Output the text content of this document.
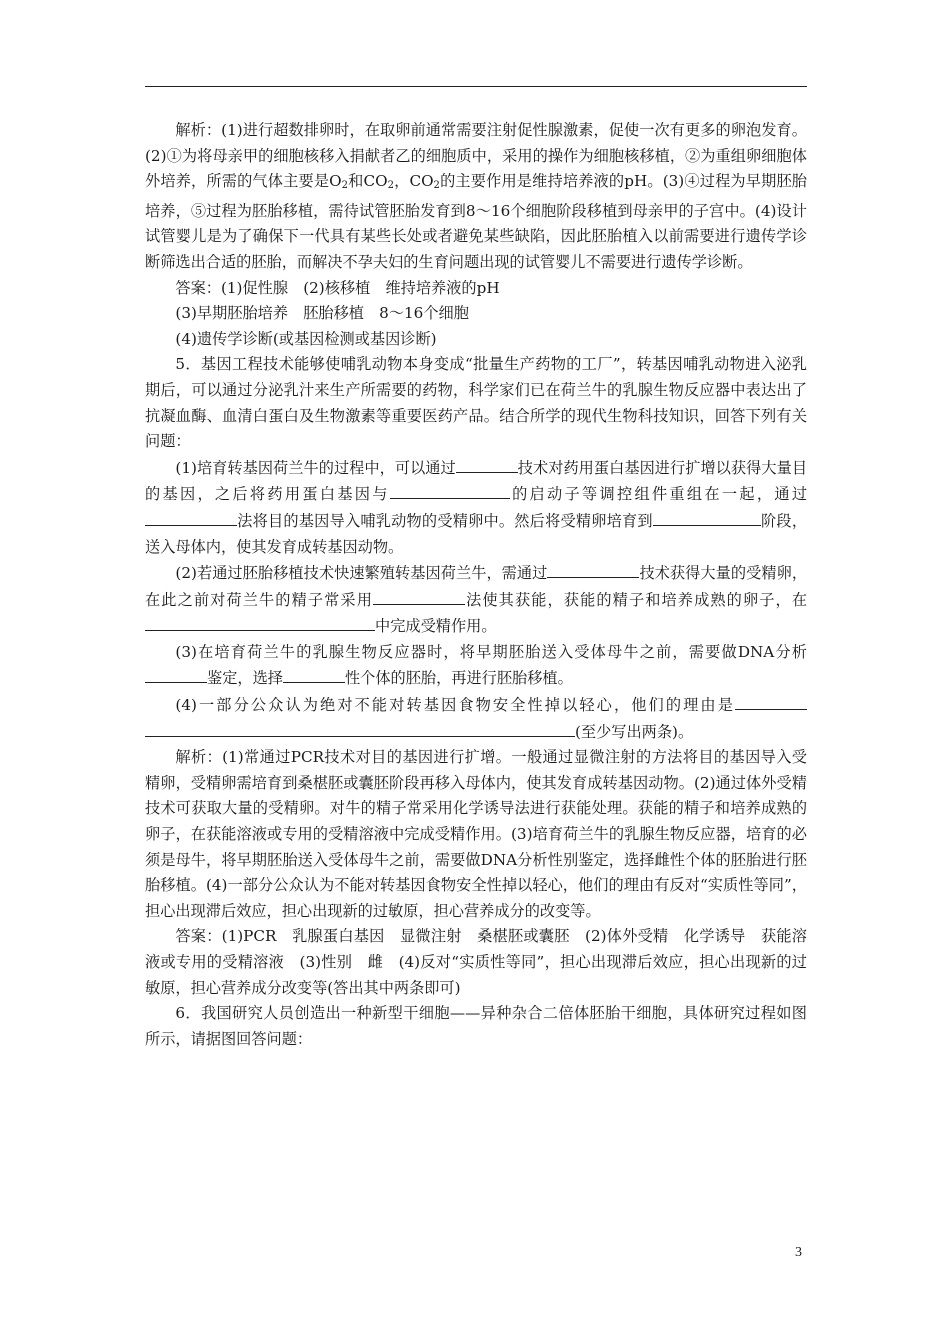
解析：(1)进行超数排卵时，在取卵前通常需要注射促性腺激素，促使一次有更多的卵泡发育。(2)①为将母亲甲的细胞核移入捐献者乙的细胞质中，采用的操作为细胞核移植，②为重组卵细胞体外培养，所需的气体主要是O2和CO2，CO2的主要作用是维持培养液的pH。(3)④过程为早期胚胎培养，⑤过程为胚胎移植，需待试管胚胎发育到8～16个细胞阶段移植到母亲甲的子宫中。(4)设计试管婴儿是为了确保下一代具有某些长处或者避免某些缺陷，因此胚胎植入以前需要进行遗传学诊断筛选出合适的胚胎，而解决不孕夫妇的生育问题出现的试管婴儿不需要进行遗传学诊断。

答案：(1)促性腺　(2)核移植　维持培养液的pH

(3)早期胚胎培养　胚胎移植　8～16个细胞

(4)遗传学诊断(或基因检测或基因诊断)

5．基因工程技术能够使哺乳动物本身变成“批量生产药物的工厂”，转基因哺乳动物进入泌乳期后，可以通过分泌乳汁来生产所需要的药物，科学家们已在荷兰牛的乳腺生物反应器中表达出了抗凝血酶、血清白蛋白及生物激素等重要医药产品。结合所学的现代生物科技知识，回答下列有关问题：

(1)培育转基因荷兰牛的过程中，可以通过	技术对药用蛋白基因进行扩增以获得大量目的基因，之后将药用蛋白基因与	的启动子等调控组件重组在一起，通过法将目的基因导入哺乳动物的受精卵中。然后将受精卵培育到	阶段，送入母体内，使其发育成转基因动物。

(2)若通过胚胎移植技术快速繁殖转基因荷兰牛，需通过	技术获得大量的受精卵，在此之前对荷兰牛的精子常采用	法使其获能，获能的精子和培养成熟的卵子，在中完成受精作用。

(3)在培育荷兰牛的乳腺生物反应器时，将早期胚胎送入受体母牛之前，需要做DNA分析鉴定，选择	性个体的胚胎，再进行胚胎移植。

(4)一部分公众认为绝对不能对转基因食物安全性掉以轻心，他们的理由是(至少写出两条)。

解析：(1)常通过PCR技术对目的基因进行扩增。一般通过显微注射的方法将目的基因导入受精卵，受精卵需培育到桑椹胚或囊胚阶段再移入母体内，使其发育成转基因动物。(2)通过体外受精技术可获取大量的受精卵。对牛的精子常采用化学诱导法进行获能处理。获能的精子和培养成熟的卵子，在获能溶液或专用的受精溶液中完成受精作用。(3)培育荷兰牛的乳腺生物反应器，培育的必须是母牛，将早期胚胎送入受体母牛之前，需要做DNA分析性别鉴定，选择雌性个体的胚胎进行胚胎移植。(4)一部分公众认为不能对转基因食物安全性掉以轻心，他们的理由有反对“实质性等同”，担心出现滞后效应，担心出现新的过敏原，担心营养成分的改变等。

答案：(1)PCR　乳腺蛋白基因　显微注射　桑椹胚或囊胚　(2)体外受精　化学诱导　获能溶液或专用的受精溶液　(3)性别　雌　(4)反对“实质性等同”，担心出现滞后效应，担心出现新的过敏原，担心营养成分改变等(答出其中两条即可)

6．我国研究人员创造出一种新型干细胞——异种杂合二倍体胚胎干细胞，具体研究过程如图所示，请据图回答问题：

3
